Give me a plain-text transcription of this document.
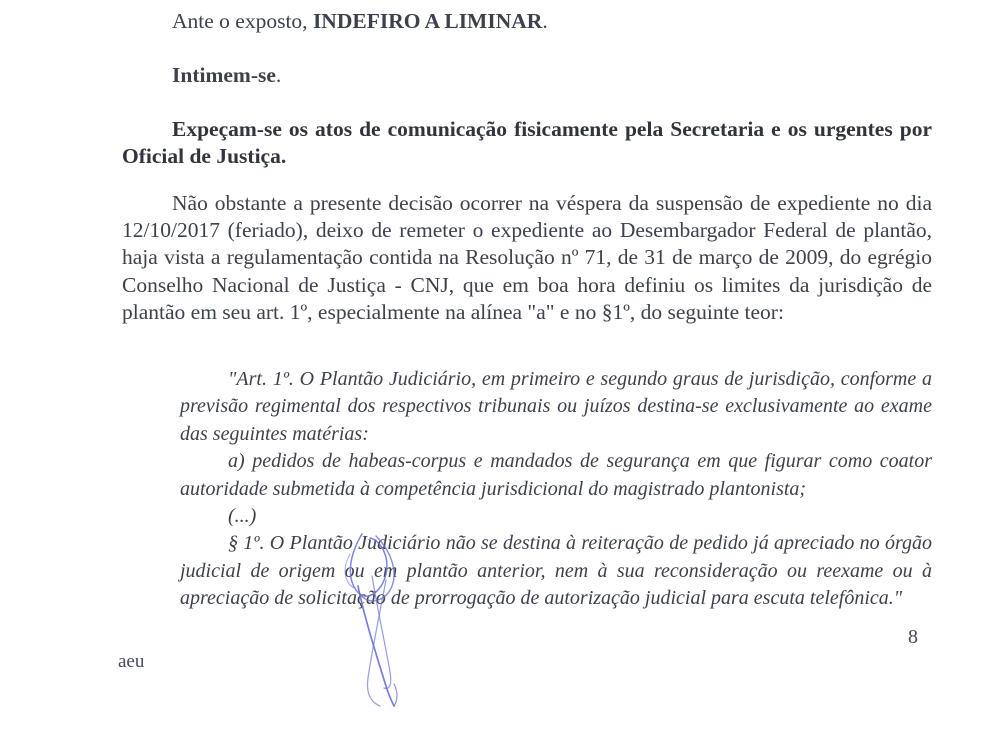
Ante o exposto, INDEFIRO A LIMINAR.

Intimem-se.

Expeçam-se os atos de comunicação fisicamente pela Secretaria e os urgentes por Oficial de Justiça.

Não obstante a presente decisão ocorrer na véspera da suspensão de expediente no dia 12/10/2017 (feriado), deixo de remeter o expediente ao Desembargador Federal de plantão, haja vista a regulamentação contida na Resolução nº 71, de 31 de março de 2009, do egrégio Conselho Nacional de Justiça - CNJ, que em boa hora definiu os limites da jurisdição de plantão em seu art. 1º, especialmente na alínea "a" e no §1º, do seguinte teor:

"Art. 1º. O Plantão Judiciário, em primeiro e segundo graus de jurisdição, conforme a previsão regimental dos respectivos tribunais ou juízos destina-se exclusivamente ao exame das seguintes matérias:

a) pedidos de habeas-corpus e mandados de segurança em que figurar como coator autoridade submetida à competência jurisdicional do magistrado plantonista;

(...)

§ 1º. O Plantão Judiciário não se destina à reiteração de pedido já apreciado no órgão judicial de origem ou em plantão anterior, nem à sua reconsideração ou reexame ou à apreciação de solicitação de prorrogação de autorização judicial para escuta telefônica."

aeu
8
